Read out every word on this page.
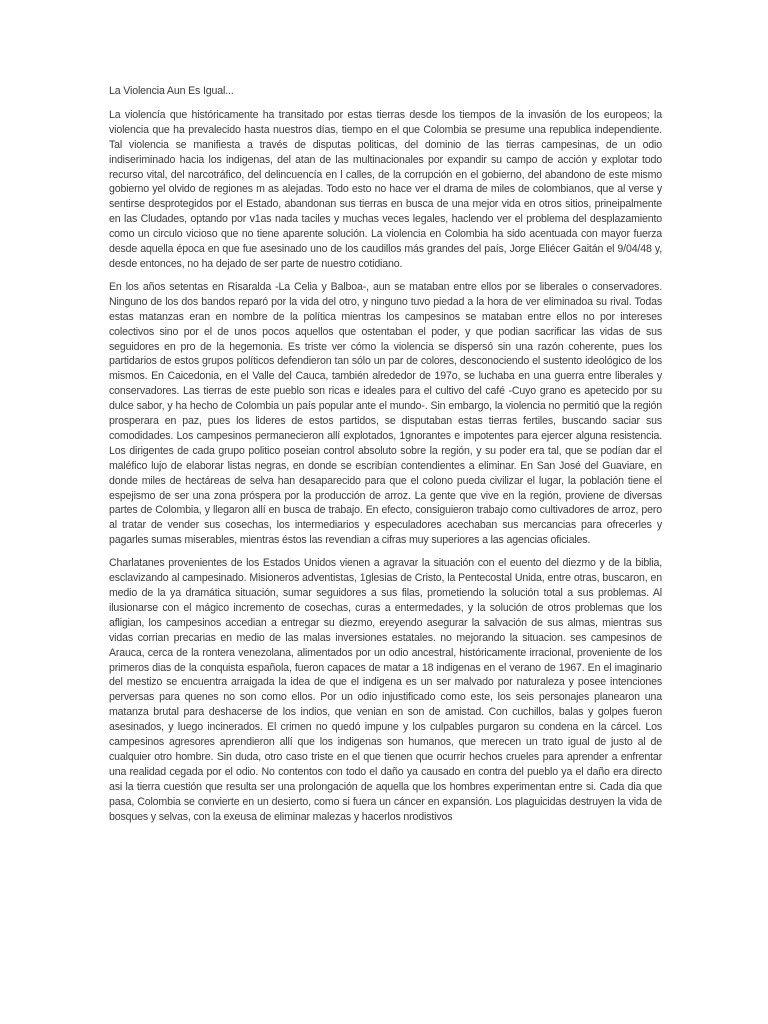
La Violencia Aun Es Igual...

La violencía que históricamente ha transitado por estas tierras desde los tiempos de la invasión de los europeos; la violencia que ha prevalecido hasta nuestros días, tiempo en el que Colombia se presume una republica independiente. Tal violencia se manifiesta a través de disputas politicas, del dominio de las tierras campesinas, de un odio indiseriminado hacia los indigenas, del atan de las multinacionales por expandir su campo de acción y explotar todo recurso vital, del narcotráfico, del delincuencía en l calles, de la corrupción en el gobierno, del abandono de este mismo gobierno yel olvido de regiones m as alejadas. Todo esto no hace ver el drama de miles de colombianos, que al verse y sentirse desprotegidos por el Estado, abandonan sus tierras en busca de una mejor vida en otros sitios, prineipalmente en las Cludades, optando por v1as nada taciles y muchas veces legales, haclendo ver el problema del desplazamiento como un circulo vicioso que no tiene aparente solución. La violencia en Colombia ha sido acentuada con mayor fuerza desde aquella época en que fue asesinado uno de los caudillos más grandes del país, Jorge Eliécer Gaitán el 9/04/48 y, desde entonces, no ha dejado de ser parte de nuestro cotidiano.

En los años setentas en Risaralda -La Celia y Balboa-, aun se mataban entre ellos por se liberales o conservadores. Ninguno de los dos bandos reparó por la vida del otro, y ninguno tuvo piedad a la hora de ver eliminadoa su rival. Todas estas matanzas eran en nombre de la política mientras los campesinos se mataban entre ellos no por intereses colectivos sino por el de unos pocos aquellos que ostentaban el poder, y que podian sacrificar las vidas de sus seguidores en pro de la hegemonia. Es triste ver cómo la violencia se dispersó sin una razón coherente, pues los partidarios de estos grupos políticos defendieron tan sólo un par de colores, desconociendo el sustento ideológico de los mismos. En Caicedonia, en el Valle del Cauca, también alrededor de 197o, se luchaba en una guerra entre liberales y conservadores. Las tierras de este pueblo son ricas e ideales para el cultivo del café -Cuyo grano es apetecido por su dulce sabor, y ha hecho de Colombia un país popular ante el mundo-. Sin embargo, la violencia no permitió que la región prosperara en paz, pues los lideres de estos partidos, se disputaban estas tierras fertiles, buscando saciar sus comodidades. Los campesinos permanecieron allí explotados, 1gnorantes e impotentes para ejercer alguna resistencia. Los dirigentes de cada grupo politico poseian control absoluto sobre la región, y su poder era tal, que se podían dar el maléfico lujo de elaborar listas negras, en donde se escribían contendientes a eliminar. En San José del Guaviare, en donde miles de hectáreas de selva han desaparecido para que el colono pueda civilizar el lugar, la población tiene el espejismo de ser una zona próspera por la producción de arroz. La gente que vive en la región, proviene de diversas partes de Colombia, y llegaron allí en busca de trabajo. En efecto, consiguieron trabajo como cultivadores de arroz, pero al tratar de vender sus cosechas, los intermediarios y especuladores acechaban sus mercancias para ofrecerles y pagarles sumas miserables, mientras éstos las revendian a cifras muy superiores a las agencias oficiales.

Charlatanes provenientes de los Estados Unidos vienen a agravar la situación con el euento del diezmo y de la biblia, esclavizando al campesinado. Misioneros adventistas, 1glesias de Cristo, la Pentecostal Unida, entre otras, buscaron, en medio de la ya dramática situación, sumar seguidores a sus filas, prometiendo la solución total a sus problemas. Al ilusionarse con el mágico incremento de cosechas, curas a entermedades, y la solución de otros problemas que los afligian, los campesinos accedian a entregar su diezmo, ereyendo asegurar la salvación de sus almas, mientras sus vidas corrian precarias en medio de las malas inversiones estatales. no mejorando la situacion. ses campesinos de Arauca, cerca de la rontera venezolana, alimentados por un odio ancestral, históricamente irracional, proveniente de los primeros dias de la conquista española, fueron capaces de matar a 18 indigenas en el verano de 1967. En el imaginario del mestizo se encuentra arraigada la idea de que el indigena es un ser malvado por naturaleza y posee intenciones perversas para quenes no son como ellos. Por un odio injustificado como este, los seis personajes planearon una matanza brutal para deshacerse de los indios, que venian en son de amistad. Con cuchillos, balas y golpes fueron asesinados, y luego incinerados. El crimen no quedó impune y los culpables purgaron su condena en la cárcel. Los campesinos agresores aprendieron allí que los indigenas son humanos, que merecen un trato igual de justo al de cualquier otro hombre. Sin duda, otro caso triste en el que tienen que ocurrir hechos crueles para aprender a enfrentar una realidad cegada por el odio. No contentos con todo el daño ya causado en contra del pueblo ya el daño era directo asi la tierra cuestión que resulta ser una prolongación de aquella que los hombres experimentan entre si. Cada dia que pasa, Colombia se convierte en un desierto, como si fuera un cáncer en expansión. Los plaguicidas destruyen la vida de bosques y selvas, con la exeusa de eliminar malezas y hacerlos nrodistivos
